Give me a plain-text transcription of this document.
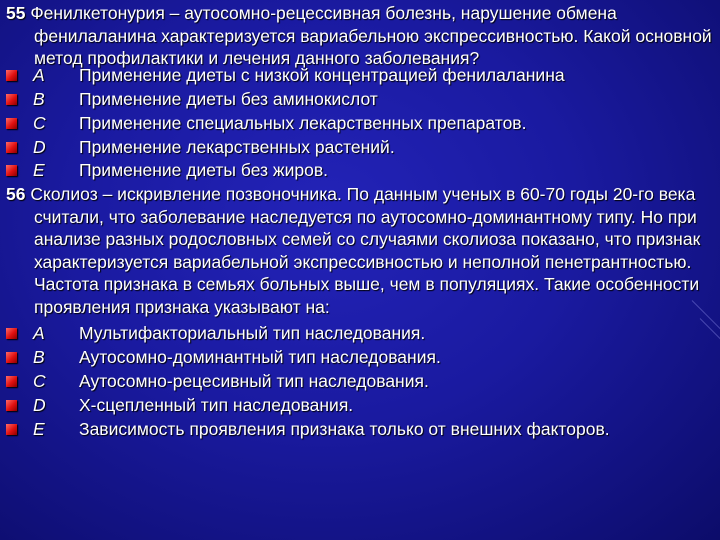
55 Фенилкетонурия – аутосомно-рецессивная болезнь, нарушение обмена фенилаланина характеризуется вариабельною экспрессивностью. Какой основной метод профилактики и лечения данного заболевания?
A Применение диеты с низкой концентрацией фенилаланина
B Применение диеты без аминокислот
C Применение специальных лекарственных препаратов.
D Применение лекарственных растений.
E Применение диеты без жиров.
56 Сколиоз – искривление позвоночника. По данным ученых в 60-70 годы 20-го века считали, что заболевание наследуется по аутосомно-доминантному типу. Но при анализе разных родословных семей со случаями сколиоза показано, что признак характеризуется вариабельной экспрессивностью и неполной пенетрантностью. Частота признака в семьях больных выше, чем в популяциях. Такие особенности проявления признака указывают на:
A Мультифакториальный тип наследования.
B Аутосомно-доминантный тип наследования.
C Аутосомно-рецесивный тип наследования.
D Х-сцепленный тип наследования.
E Зависимость проявления признака только от внешних факторов.
